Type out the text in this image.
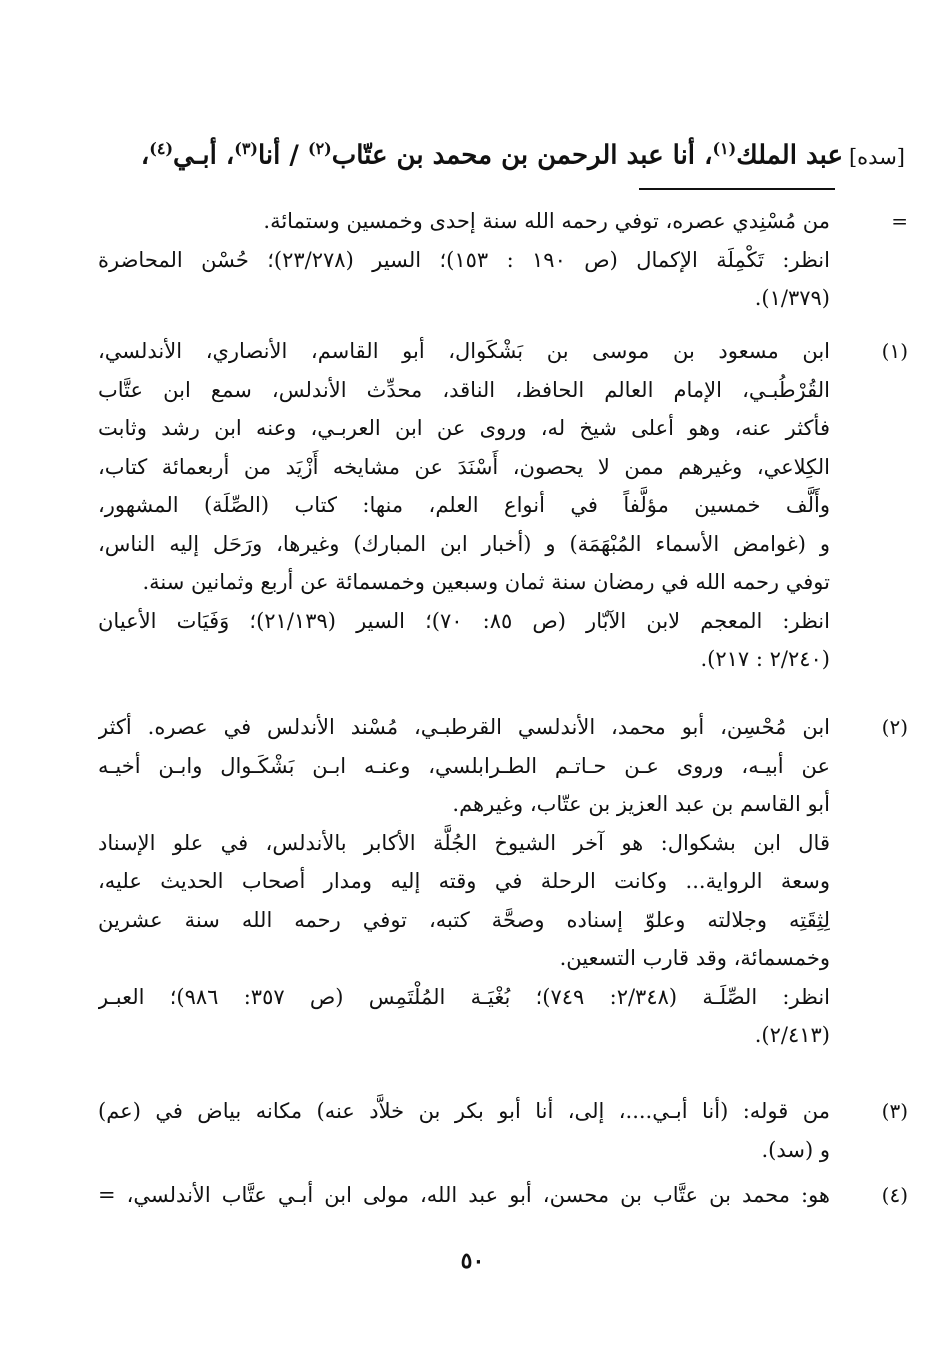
[سده]عبد الملك$^{(١)}$، أنا عبد الرحمن بن محمد بن عتّاب$^{(٢)}$ / أنا$^{(٣)}$، أبـي$^{(٤)}$،
=
من مُسْنِدي عصره، توفي رحمه الله سنة إحدى وخمسين وستمائة.
انظر: تَكْمِلَة الإكمال (ص ١٩٠ : ١٥٣)؛ السير (٢٣/٢٧٨)؛ حُسْن المحاضرة
(١/٣٧٩).
(١)
ابن مسعود بن موسى بن بَشْكَوال، أبو القاسم، الأنصاري، الأندلسي،
القُرْطُبـي، الإمام العالم الحافظ، الناقد، محدِّث الأندلس، سمع ابن عتَّاب
فأكثر عنه، وهو أعلى شيخ له، وروى عن ابن العربـي، وعنه ابن رشد وثابت
الكِلاعي، وغيرهم ممن لا يحصون، أَسْنَدَ عن مشايخه أَزْيَد من أربعمائة كتاب،
وأَلَّف خمسين مؤلَّفاً في أنواع العلم، منها: كتاب (الصِّلَة) المشهور،
و (غوامض الأسماء المُبْهَمَة) و (أخبار ابن المبارك) وغيرها، ورَحَل إليه الناس،
توفي رحمه الله في رمضان سنة ثمان وسبعين وخمسمائة عن أربع وثمانين سنة.
انظر: المعجم لابن الآبّار (ص ٨٥: ٧٠)؛ السير (٢١/١٣٩)؛ وَفَيَات الأعيان
(٢/٢٤٠ : ٢١٧).
(٢)
ابن مُحْسِن، أبو محمد، الأندلسي القرطبـي، مُسْند الأندلس في عصره. أكثر
عن أبيـه، وروى عـن حـاتـم الطـرابلسي، وعنـه ابـن بَشْكَـوال وابـن أخيـه
أبو القاسم بن عبد العزيز بن عتّاب، وغيرهم.
قال ابن بشكوال: هو آخر الشيوخ الجُلَّة الأكابر بالأندلس، في علو الإسناد
وسعة الرواية... وكانت الرحلة في وقته إليه ومدار أصحاب الحديث عليه،
لِثِقَتِه وجلالته وعلوّ إسناده وصحَّة كتبه، توفي رحمه الله سنة عشرين
وخمسمائة، وقد قارب التسعين.
انظر: الصِّلَـة (٢/٣٤٨: ٧٤٩)؛ بُغْيَـة المُلْتَمِس (ص ٣٥٧: ٩٨٦)؛ العبـر
(٢/٤١٣).
(٣)
من قوله: (أنا أبـي....، إلى، أنا أبو بكر بن خلاَّد عنه) مكانه بياض في (عم)
و (سد).
(٤)
هو: محمد بن عتَّاب بن محسن، أبو عبد الله، مولى ابن أبـي عتَّاب الأندلسي، =
٥٠
